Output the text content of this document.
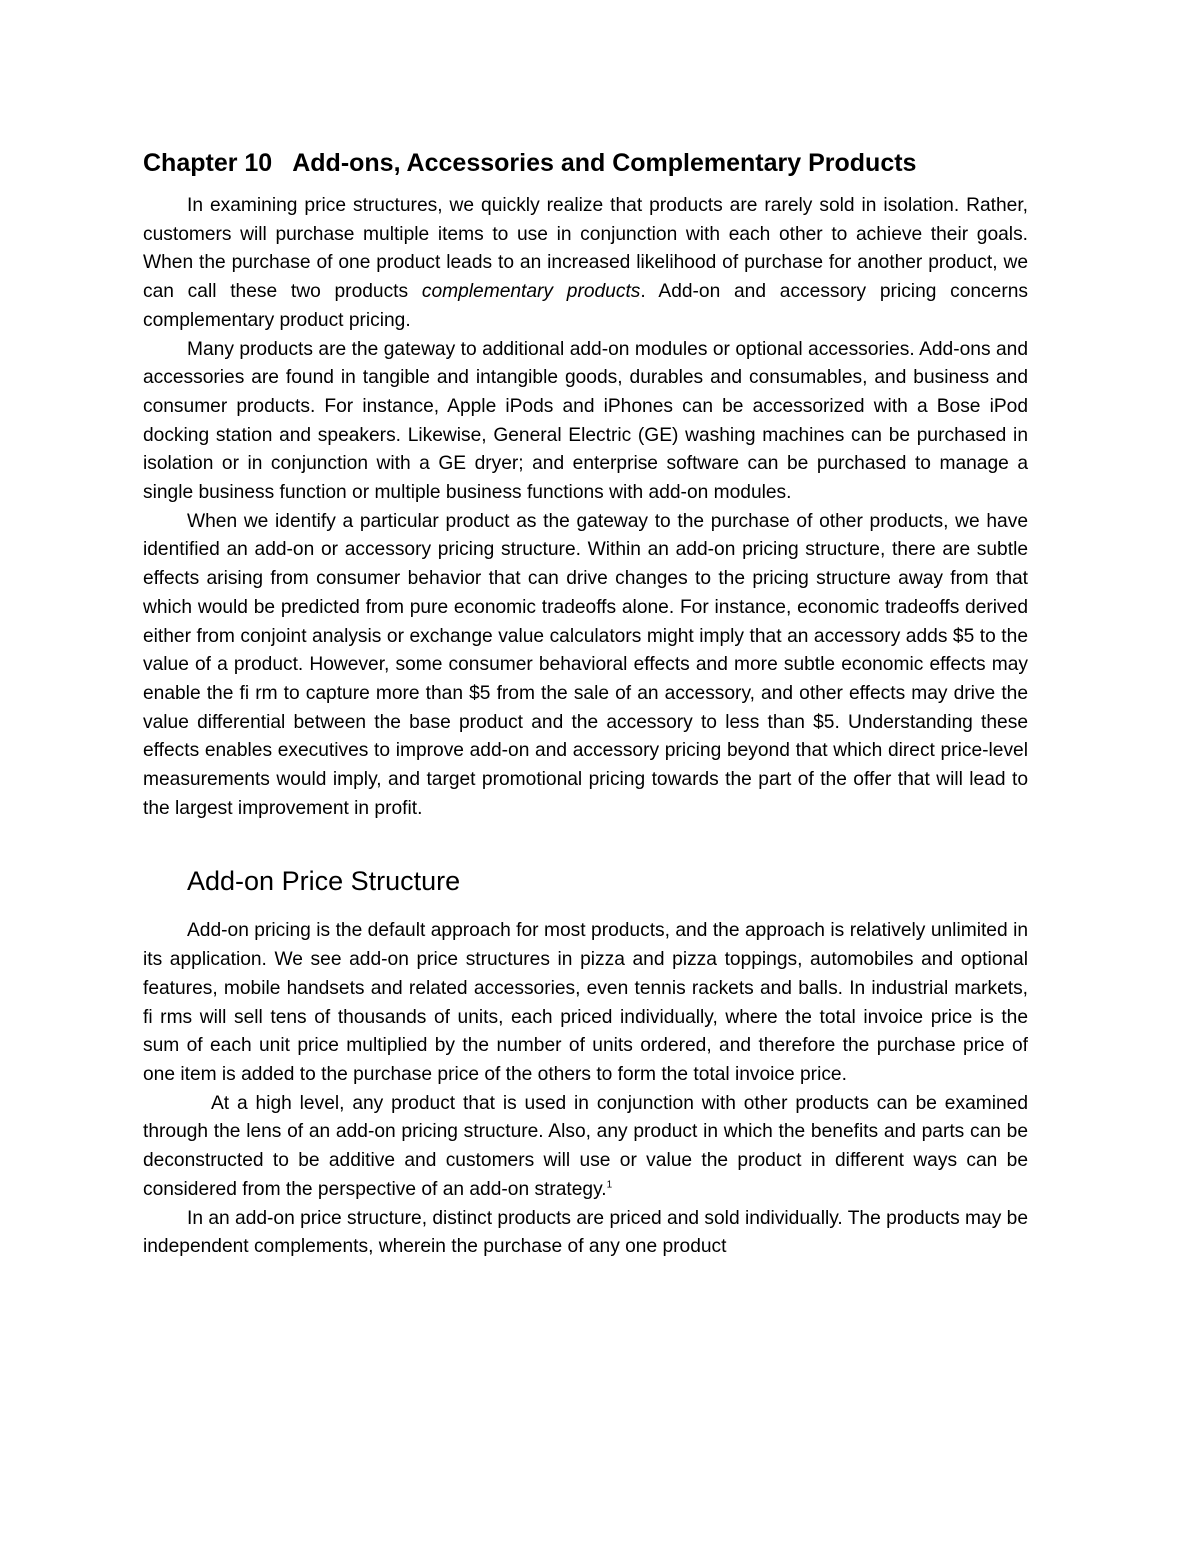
Chapter 10 Add-ons, Accessories and Complementary Products

In examining price structures, we quickly realize that products are rarely sold in isolation. Rather, customers will purchase multiple items to use in conjunction with each other to achieve their goals. When the purchase of one product leads to an increased likelihood of purchase for another product, we can call these two products complementary products. Add-on and accessory pricing concerns complementary product pricing.

Many products are the gateway to additional add-on modules or optional accessories. Add-ons and accessories are found in tangible and intangible goods, durables and consumables, and business and consumer products. For instance, Apple iPods and iPhones can be accessorized with a Bose iPod docking station and speakers. Likewise, General Electric (GE) washing machines can be purchased in isolation or in conjunction with a GE dryer; and enterprise software can be purchased to manage a single business function or multiple business functions with add-on modules.

When we identify a particular product as the gateway to the purchase of other products, we have identified an add-on or accessory pricing structure. Within an add-on pricing structure, there are subtle effects arising from consumer behavior that can drive changes to the pricing structure away from that which would be predicted from pure economic tradeoffs alone. For instance, economic tradeoffs derived either from conjoint analysis or exchange value calculators might imply that an accessory adds $5 to the value of a product. However, some consumer behavioral effects and more subtle economic effects may enable the fi rm to capture more than $5 from the sale of an accessory, and other effects may drive the value differential between the base product and the accessory to less than $5. Understanding these effects enables executives to improve add-on and accessory pricing beyond that which direct price-level measurements would imply, and target promotional pricing towards the part of the offer that will lead to the largest improvement in profit.

Add-on Price Structure

Add-on pricing is the default approach for most products, and the approach is relatively unlimited in its application. We see add-on price structures in pizza and pizza toppings, automobiles and optional features, mobile handsets and related accessories, even tennis rackets and balls. In industrial markets, fi rms will sell tens of thousands of units, each priced individually, where the total invoice price is the sum of each unit price multiplied by the number of units ordered, and therefore the purchase price of one item is added to the purchase price of the others to form the total invoice price.

At a high level, any product that is used in conjunction with other products can be examined through the lens of an add-on pricing structure. Also, any product in which the benefits and parts can be deconstructed to be additive and customers will use or value the product in different ways can be considered from the perspective of an add-on strategy.$^1$

In an add-on price structure, distinct products are priced and sold individually. The products may be independent complements, wherein the purchase of any one product
